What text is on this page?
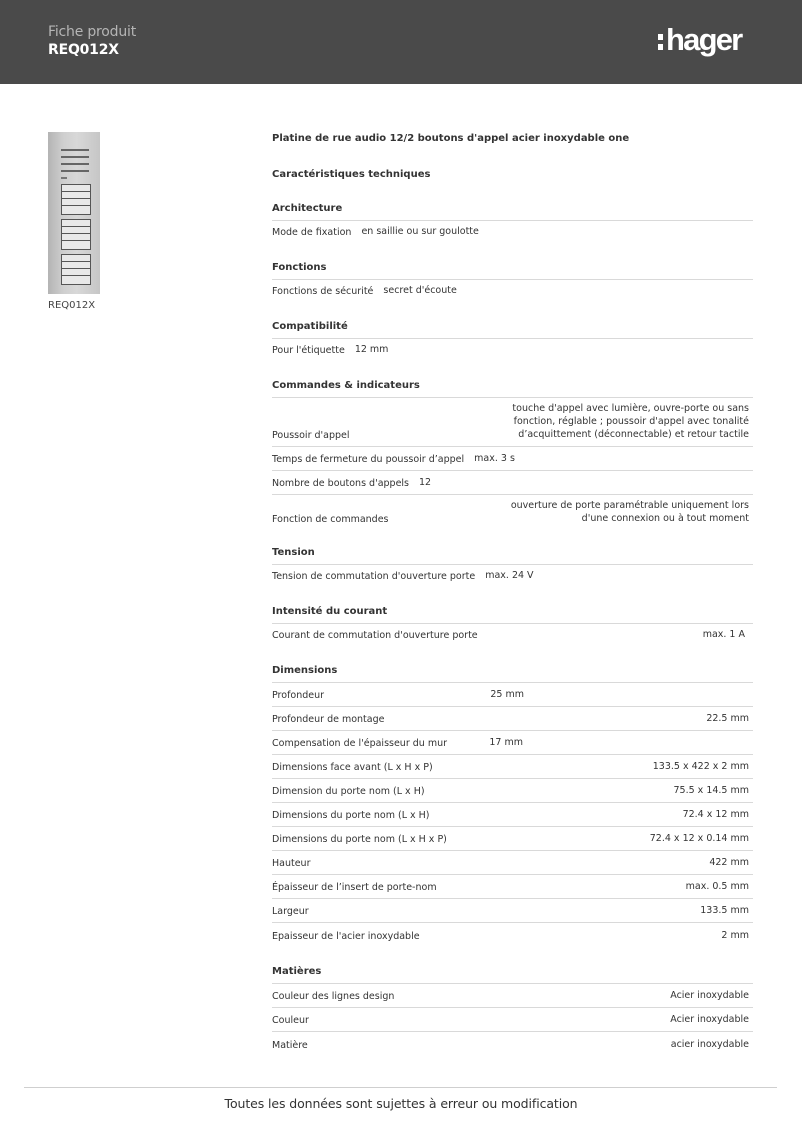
Fiche produit
REQ012X	hager
REQ012X
Platine de rue audio 12/2 boutons d'appel acier inoxydable one
Caractéristiques techniques
Architecture
Mode de fixation en saillie ou sur goulotte
Fonctions
Fonctions de sécurité secret d'écoute
Compatibilité
Pour l'étiquette 12 mm
Commandes & indicateurs
Poussoir d'appel
touche d'appel avec lumière, ouvre-porte ou sans
fonction, réglable ; poussoir d'appel avec tonalité
d’acquittement (déconnectable) et retour tactile
Temps de fermeture du poussoir d’appel max. 3 s
Nombre de boutons d'appels 12
Fonction de commandes
ouverture de porte paramétrable uniquement lors
d'une connexion ou à tout moment
Tension
Tension de commutation d'ouverture porte max. 24 V
Intensité du courant
Courant de commutation d'ouverture porte	max. 1 A
Dimensions
Profondeur	25 mm
Profondeur de montage	22.5 mm
Compensation de l'épaisseur du mur	17 mm
Dimensions face avant (L x H x P)	133.5 x 422 x 2 mm
Dimension du porte nom (L x H)	75.5 x 14.5 mm
Dimensions du porte nom (L x H)	72.4 x 12 mm
Dimensions du porte nom (L x H x P)	72.4 x 12 x 0.14 mm
Hauteur	422 mm
Épaisseur de l’insert de porte-nom	max. 0.5 mm
Largeur	133.5 mm
Epaisseur de l'acier inoxydable	2 mm
Matières
Couleur des lignes design	Acier inoxydable
Couleur	Acier inoxydable
Matière	acier inoxydable
Toutes les données sont sujettes à erreur ou modification
